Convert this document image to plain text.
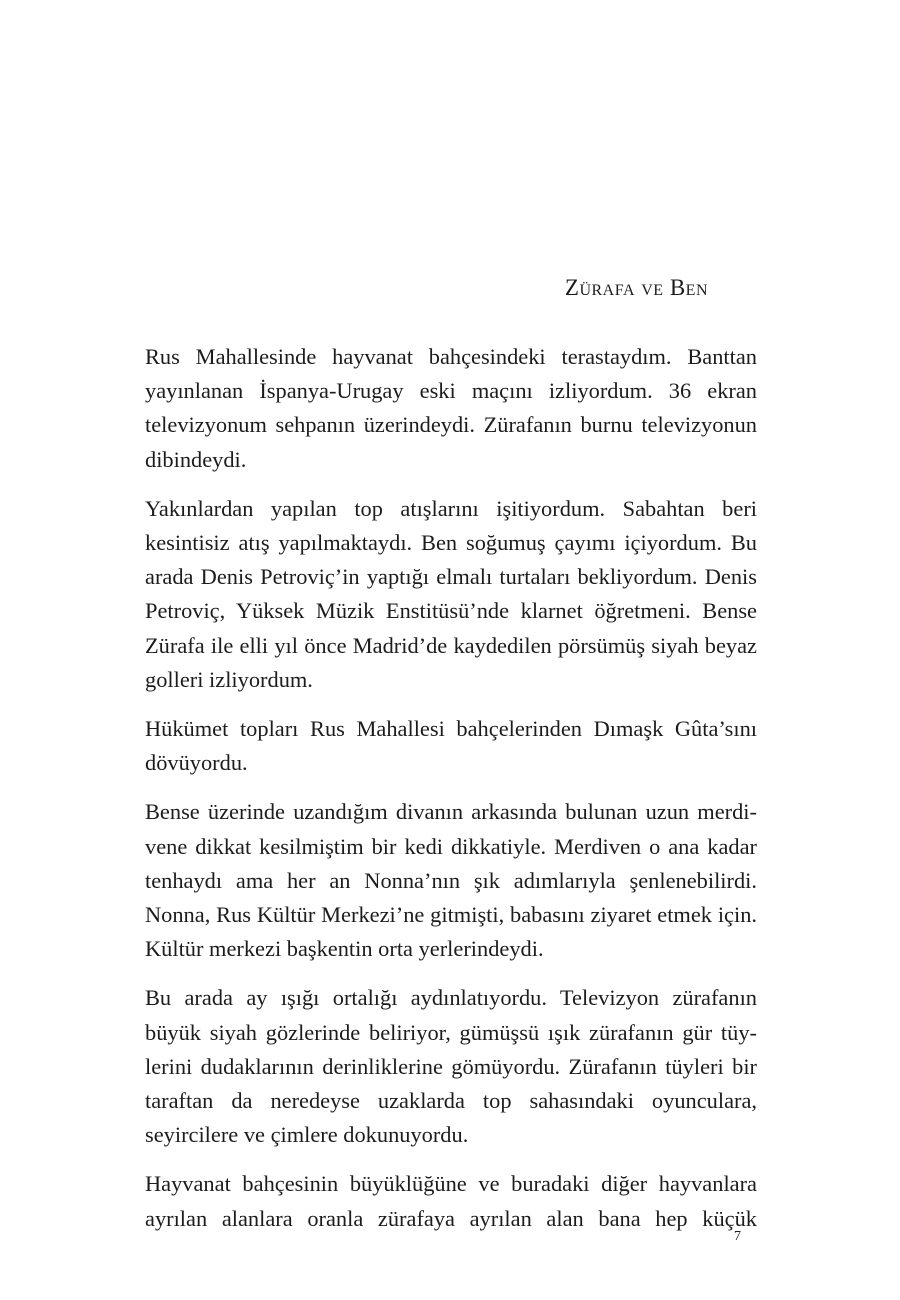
Zürafa ve Ben

Rus Mahallesinde hayvanat bahçesindeki terastaydım. Banttan yayınlanan İspanya-Urugay eski maçını izliyordum. 36 ekran televizyonum sehpanın üzerindeydi. Zürafanın burnu televizyonun dibindeydi.

Yakınlardan yapılan top atışlarını işitiyordum. Sabahtan beri kesintisiz atış yapılmaktaydı. Ben soğumuş çayımı içiyordum. Bu arada Denis Petroviç’in yaptığı elmalı turtaları bekliyordum. Denis Petroviç, Yüksek Müzik Enstitüsü’nde klarnet öğretmeni. Bense Zürafa ile elli yıl önce Madrid’de kaydedilen pörsümüş siyah beyaz golleri izliyordum.

Hükümet topları Rus Mahallesi bahçelerinden Dımaşk Gûta’sını dövüyordu.

Bense üzerinde uzandığım divanın arkasında bulunan uzun merdivene dikkat kesilmiştim bir kedi dikkatiyle. Merdiven o ana kadar tenhaydı ama her an Nonna’nın şık adımlarıyla şenlenebilirdi. Nonna, Rus Kültür Merkezi’ne gitmişti, babasını ziyaret etmek için. Kültür merkezi başkentin orta yerlerindeydi.

Bu arada ay ışığı ortalığı aydınlatıyordu. Televizyon zürafanın büyük siyah gözlerinde beliriyor, gümüşsü ışık zürafanın gür tüylerini dudaklarının derinliklerine gömüyordu. Zürafanın tüyleri bir taraftan da neredeyse uzaklarda top sahasındaki oyunculara, seyircilere ve çimlere dokunuyordu.

Hayvanat bahçesinin büyüklüğüne ve buradaki diğer hayvanlara ayrılan alanlara oranla zürafaya ayrılan alan bana hep küçük

7
